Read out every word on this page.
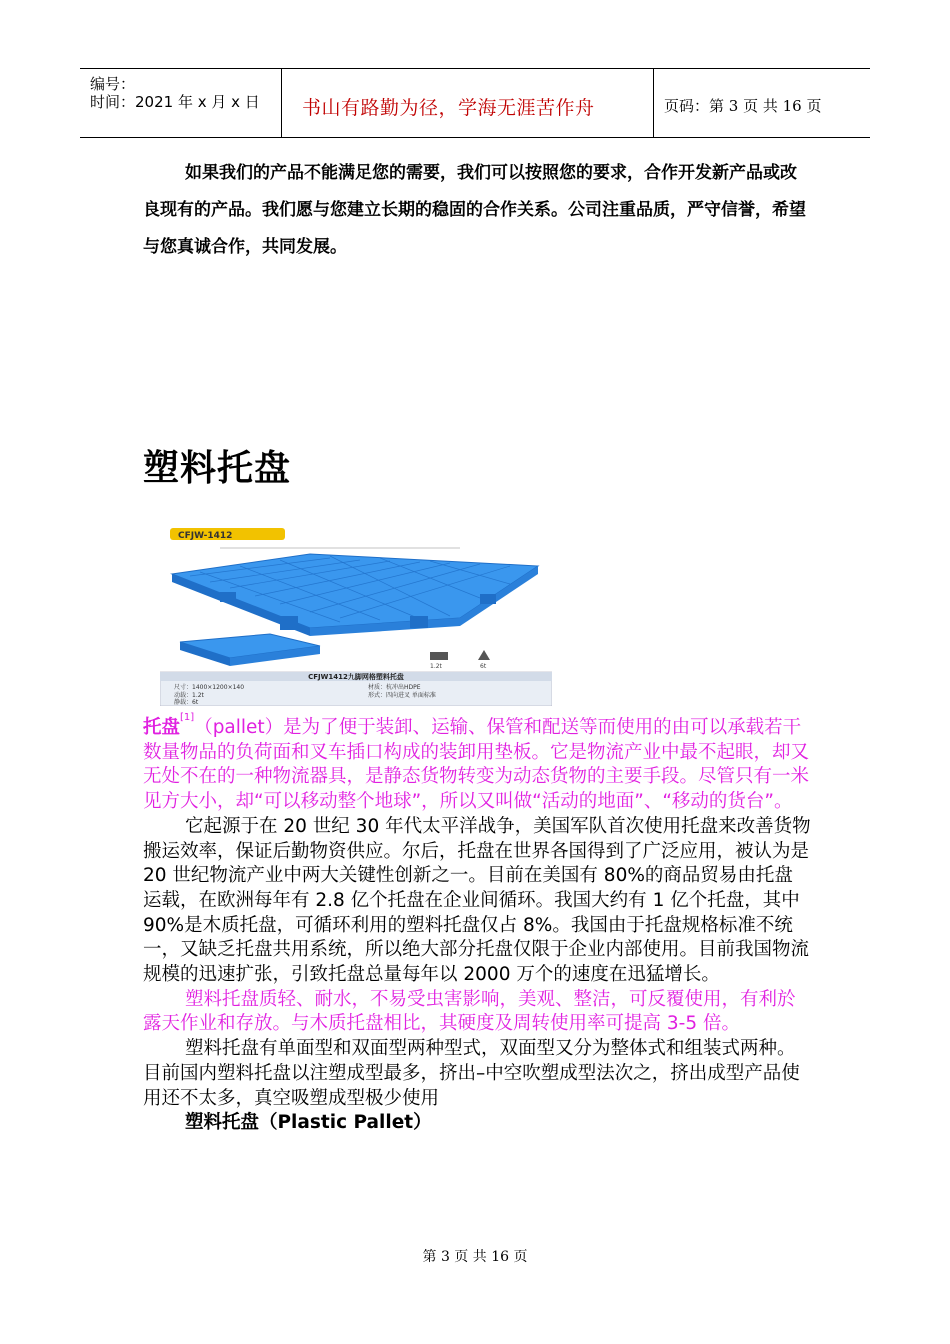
编号：
时间：2021 年 x 月 x 日 书山有路勤为径，学海无涯苦作舟	页码：第 3 页 共 16 页

如果我们的产品不能满足您的需要，我们可以按照您的要求，合作开发新产品或改良现有的产品。我们愿与您建立长期的稳固的合作关系。公司注重品质，严守信誉，希望与您真诚合作，共同发展。

塑料托盘
CFJW-1412
1.2t	6t
CFJW1412九脚网格塑料托盘
尺寸：1400×1200×140	材质：杭冲出HDPE
动载：1.2t	形式：四向进叉 单面标准
静载：6t

托盘[1]（pallet）是为了便于装卸、运输、保管和配送等而使用的由可以承载若干数量物品的负荷面和叉车插口构成的装卸用垫板。它是物流产业中最不起眼，却又无处不在的一种物流器具，是静态货物转变为动态货物的主要手段。尽管只有一米见方大小，却“可以移动整个地球”，所以又叫做“活动的地面”、“移动的货台”。

它起源于在 20 世纪 30 年代太平洋战争，美国军队首次使用托盘来改善货物搬运效率，保证后勤物资供应。尔后，托盘在世界各国得到了广泛应用，被认为是 20 世纪物流产业中两大关键性创新之一。目前在美国有 80%的商品贸易由托盘运载，在欧洲每年有 2.8 亿个托盘在企业间循环。我国大约有 1 亿个托盘，其中 90%是木质托盘，可循环利用的塑料托盘仅占 8%。我国由于托盘规格标准不统一，又缺乏托盘共用系统，所以绝大部分托盘仅限于企业内部使用。目前我国物流规模的迅速扩张，引致托盘总量每年以 2000 万个的速度在迅猛增长。

塑料托盘质轻、耐水，不易受虫害影响，美观、整洁，可反覆使用，有利於露天作业和存放。与木质托盘相比，其硬度及周转使用率可提高 3-5 倍。

塑料托盘有单面型和双面型两种型式，双面型又分为整体式和组装式两种。目前国内塑料托盘以注塑成型最多，挤出–中空吹塑成型法次之，挤出成型产品使用还不太多，真空吸塑成型极少使用

塑料托盘（Plastic Pallet）

第 3 页 共 16 页
